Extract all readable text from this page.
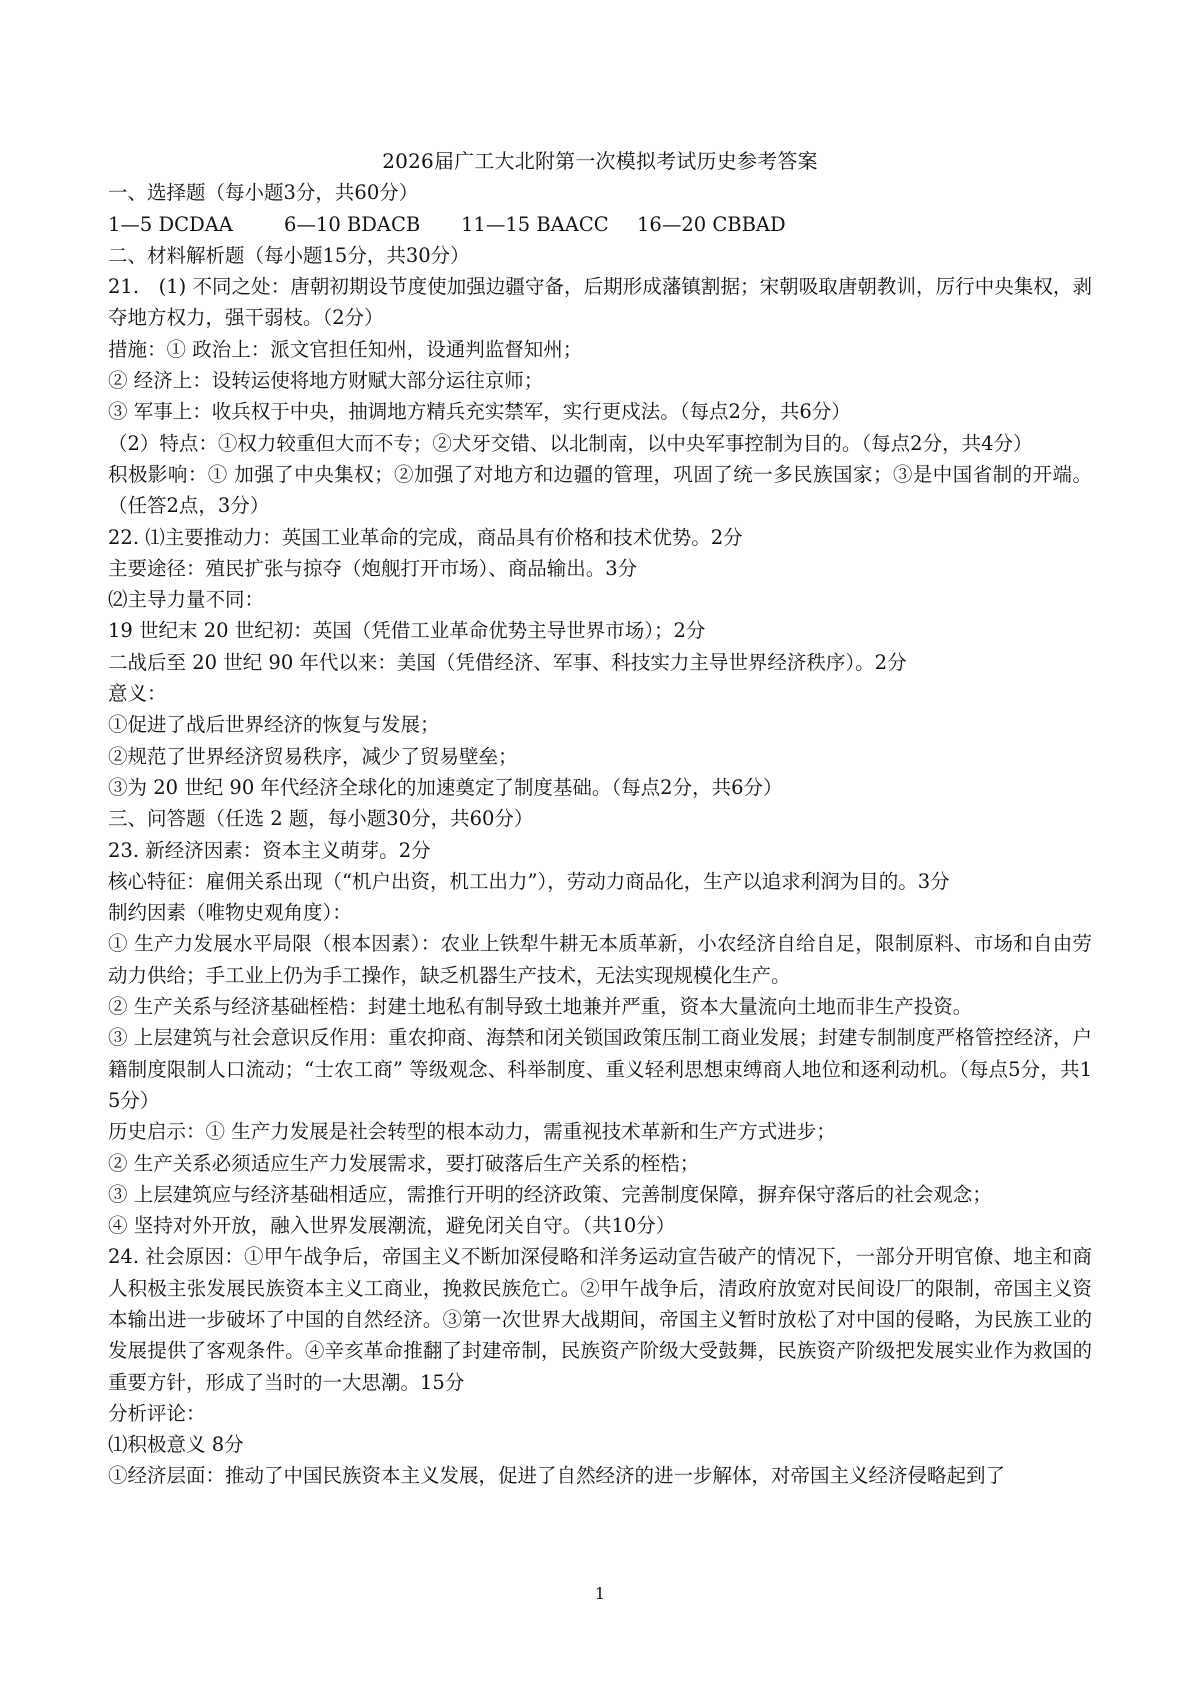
2026届广工大北附第一次模拟考试历史参考答案
一、选择题（每小题3分，共60分）
1—5 DCDAA	6—10 BDACB	11—15 BAACC	16—20 CBBAD
二、材料解析题（每小题15分，共30分）
21.　(1) 不同之处：唐朝初期设节度使加强边疆守备，后期形成藩镇割据；宋朝吸取唐朝教训，厉行中央集权，剥夺地方权力，强干弱枝。（2分）
措施：① 政治上：派文官担任知州，设通判监督知州；
② 经济上：设转运使将地方财赋大部分运往京师；
③ 军事上：收兵权于中央，抽调地方精兵充实禁军，实行更戍法。（每点2分，共6分）
（2）特点：①权力较重但大而不专；②犬牙交错、以北制南，以中央军事控制为目的。（每点2分，共4分）
积极影响：① 加强了中央集权；②加强了对地方和边疆的管理，巩固了统一多民族国家；③是中国省制的开端。（任答2点，3分）
22. ⑴主要推动力：英国工业革命的完成，商品具有价格和技术优势。2分
主要途径：殖民扩张与掠夺（炮舰打开市场）、商品输出。3分
⑵主导力量不同：
19 世纪末 20 世纪初：英国（凭借工业革命优势主导世界市场）；2分
二战后至 20 世纪 90 年代以来：美国（凭借经济、军事、科技实力主导世界经济秩序）。2分
意义：
①促进了战后世界经济的恢复与发展；
②规范了世界经济贸易秩序，减少了贸易壁垒；
③为 20 世纪 90 年代经济全球化的加速奠定了制度基础。（每点2分，共6分）
三、问答题（任选 2 题，每小题30分，共60分）
23. 新经济因素：资本主义萌芽。2分
核心特征：雇佣关系出现（“机户出资，机工出力”），劳动力商品化，生产以追求利润为目的。3分
制约因素（唯物史观角度）：
① 生产力发展水平局限（根本因素）：农业上铁犁牛耕无本质革新，小农经济自给自足，限制原料、市场和自由劳动力供给；手工业上仍为手工操作，缺乏机器生产技术，无法实现规模化生产。
② 生产关系与经济基础桎梏：封建土地私有制导致土地兼并严重，资本大量流向土地而非生产投资。
③ 上层建筑与社会意识反作用：重农抑商、海禁和闭关锁国政策压制工商业发展；封建专制制度严格管控经济，户籍制度限制人口流动；“士农工商” 等级观念、科举制度、重义轻利思想束缚商人地位和逐利动机。（每点5分，共15分）
历史启示：① 生产力发展是社会转型的根本动力，需重视技术革新和生产方式进步；
② 生产关系必须适应生产力发展需求，要打破落后生产关系的桎梏；
③ 上层建筑应与经济基础相适应，需推行开明的经济政策、完善制度保障，摒弃保守落后的社会观念；
④ 坚持对外开放，融入世界发展潮流，避免闭关自守。（共10分）
24. 社会原因：①甲午战争后，帝国主义不断加深侵略和洋务运动宣告破产的情况下，一部分开明官僚、地主和商人积极主张发展民族资本主义工商业，挽救民族危亡。②甲午战争后，清政府放宽对民间设厂的限制，帝国主义资本输出进一步破坏了中国的自然经济。③第一次世界大战期间，帝国主义暂时放松了对中国的侵略，为民族工业的发展提供了客观条件。④辛亥革命推翻了封建帝制，民族资产阶级大受鼓舞，民族资产阶级把发展实业作为救国的重要方针，形成了当时的一大思潮。15分
分析评论：
⑴积极意义 8分
①经济层面：推动了中国民族资本主义发展，促进了自然经济的进一步解体，对帝国主义经济侵略起到了
1
